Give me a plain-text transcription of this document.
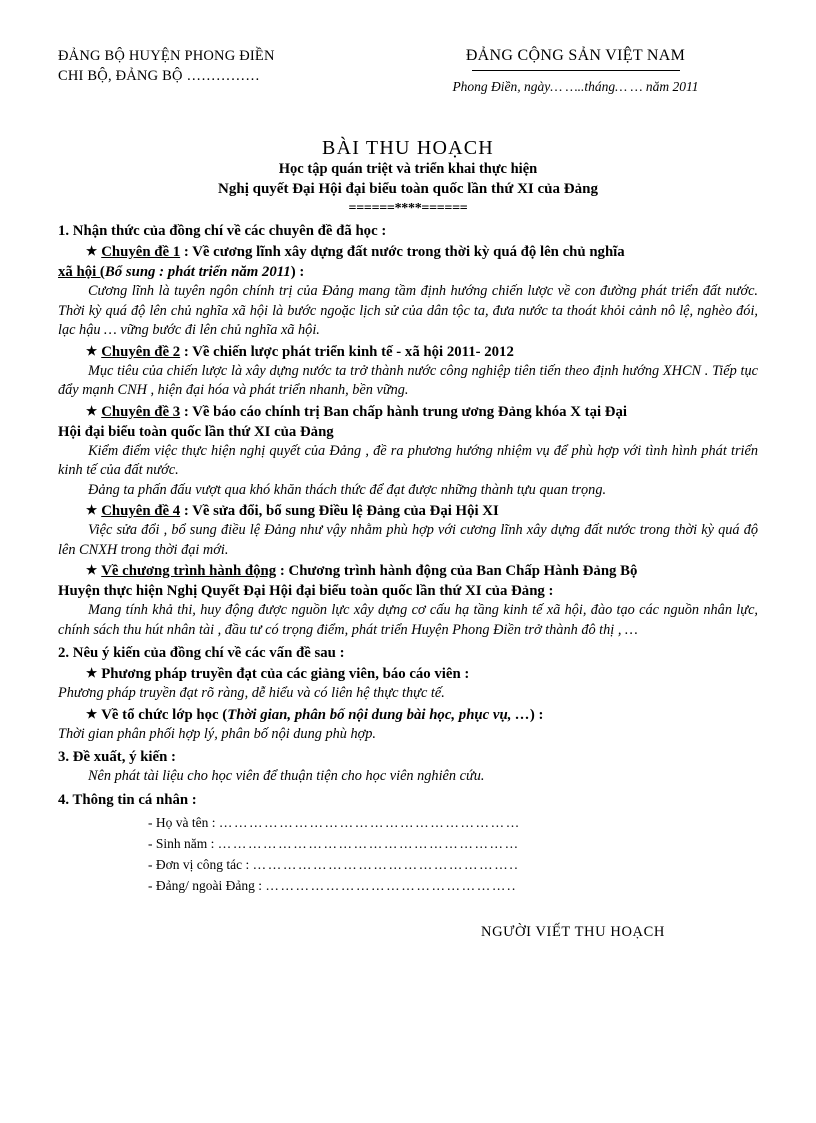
ĐẢNG BỘ HUYỆN PHONG ĐIỀN
CHI BỘ, ĐẢNG BỘ ……………
ĐẢNG CỘNG SẢN VIỆT NAM
Phong Điền, ngày… …..tháng… … năm 2011
BÀI THU HOẠCH
Học tập quán triệt và triển khai thực hiện
Nghị quyết Đại Hội đại biểu toàn quốc lần thứ XI của Đảng
======****======
1. Nhận thức của đồng chí về các chuyên đề đã học :
★ Chuyên đề 1 : Về cương lĩnh xây dựng đất nước trong thời kỳ quá độ lên chủ nghĩa
xã hội (Bổ sung : phát triển năm 2011) :
Cương lĩnh là tuyên ngôn chính trị của Đảng mang tầm định hướng chiến lược về con đường phát triển đất nước. Thời kỳ quá độ lên chủ nghĩa xã hội là bước ngoặc lịch sử của dân tộc ta, đưa nước ta thoát khỏi cảnh nô lệ, nghèo đói, lạc hậu … vững bước đi lên chủ nghĩa xã hội.
★ Chuyên đề 2 : Về chiến lược phát triển kinh tế - xã hội 2011- 2012
Mục tiêu của chiến lược là xây dựng nước ta trở thành nước công nghiệp tiên tiến theo định hướng XHCN . Tiếp tục đẩy mạnh CNH , hiện đại hóa và phát triển nhanh, bền vững.
★ Chuyên đề 3 : Về báo cáo chính trị Ban chấp hành trung ương Đảng khóa X tại Đại
Hội đại biểu toàn quốc lần thứ XI của Đảng
Kiểm điểm việc thực hiện nghị quyết của Đảng , đề ra phương hướng nhiệm vụ để phù hợp với tình hình phát triển kinh tế của đất nước.
Đảng ta phấn đấu vượt qua khó khăn thách thức để đạt được những thành tựu quan trọng.
★ Chuyên đề 4 : Về sửa đổi, bổ sung Điều lệ Đảng của Đại Hội XI
Việc sửa đổi , bổ sung điều lệ Đảng như vậy nhằm phù hợp với cương lĩnh xây dựng đất nước trong thời kỳ quá độ lên CNXH trong thời đại mới.
★ Về chương trình hành động : Chương trình hành động của Ban Chấp Hành Đảng Bộ
Huyện thực hiện Nghị Quyết Đại Hội đại biểu toàn quốc lần thứ XI của Đảng :
Mang tính khả thi, huy động được nguồn lực xây dựng cơ cấu hạ tầng kinh tế xã hội, đào tạo các nguồn nhân lực, chính sách thu hút nhân tài , đầu tư có trọng điểm, phát triển Huyện Phong Điền trở thành đô thị , …
2. Nêu ý kiến của đồng chí về các vấn đề sau :
★ Phương pháp truyền đạt của các giảng viên, báo cáo viên :
Phương pháp truyền đạt rõ ràng, dễ hiểu và có liên hệ thực thực tế.
★ Về tổ chức lớp học (Thời gian, phân bố nội dung bài học, phục vụ, …) :
Thời gian phân phối hợp lý, phân bố nội dung phù hợp.
3. Đề xuất, ý kiến :
Nên phát tài liệu cho học viên để thuận tiện cho học viên nghiên cứu.
4. Thông tin cá nhân :
- Họ và tên : ……………………………………………………
- Sinh năm : ……………………………………………………
- Đơn vị công tác : ……………………………………………..
- Đảng/ ngoài Đảng : …………………………………………..
NGƯỜI VIẾT THU HOẠCH
